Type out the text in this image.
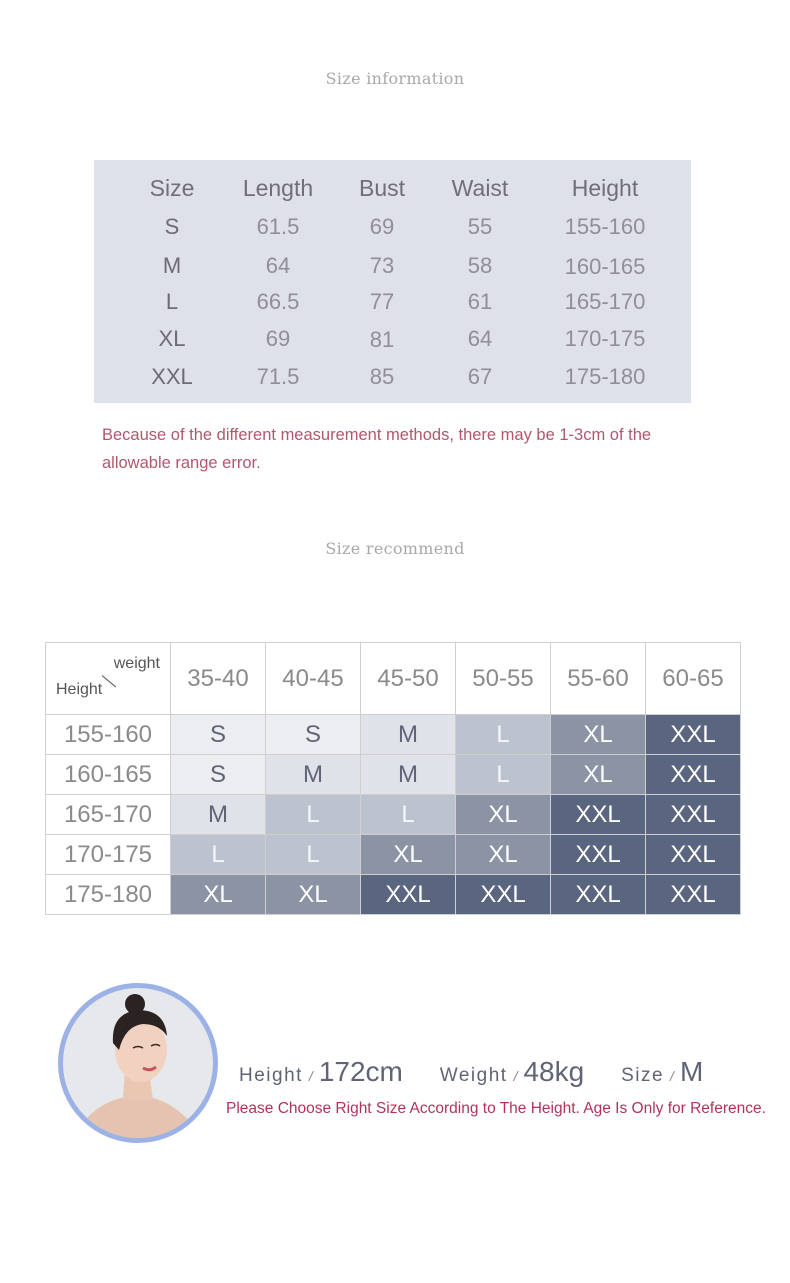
Size information
Size	Length	Bust	Waist	Height
S	61.5	69	55	155-160
M	64	73	58	160-165
L	66.5	77	61	165-170
XL	69	81	64	170-175
XXL	71.5	85	67	175-180
Because of the different measurement methods, there may be 1-3cm of the allowable range error.
Size recommend
weight
Height	35-40	40-45	45-50	50-55	55-60	60-65
155-160	S	S	M	L	XL	XXL
160-165	S	M	M	L	XL	XXL
165-170	M	L	L	XL	XXL	XXL
170-175	L	L	XL	XL	XXL	XXL
175-180	XL	XL	XXL	XXL	XXL	XXL
Height / 172cm Weight / 48kg Size / M
Please Choose Right Size According to The Height. Age Is Only for Reference.
